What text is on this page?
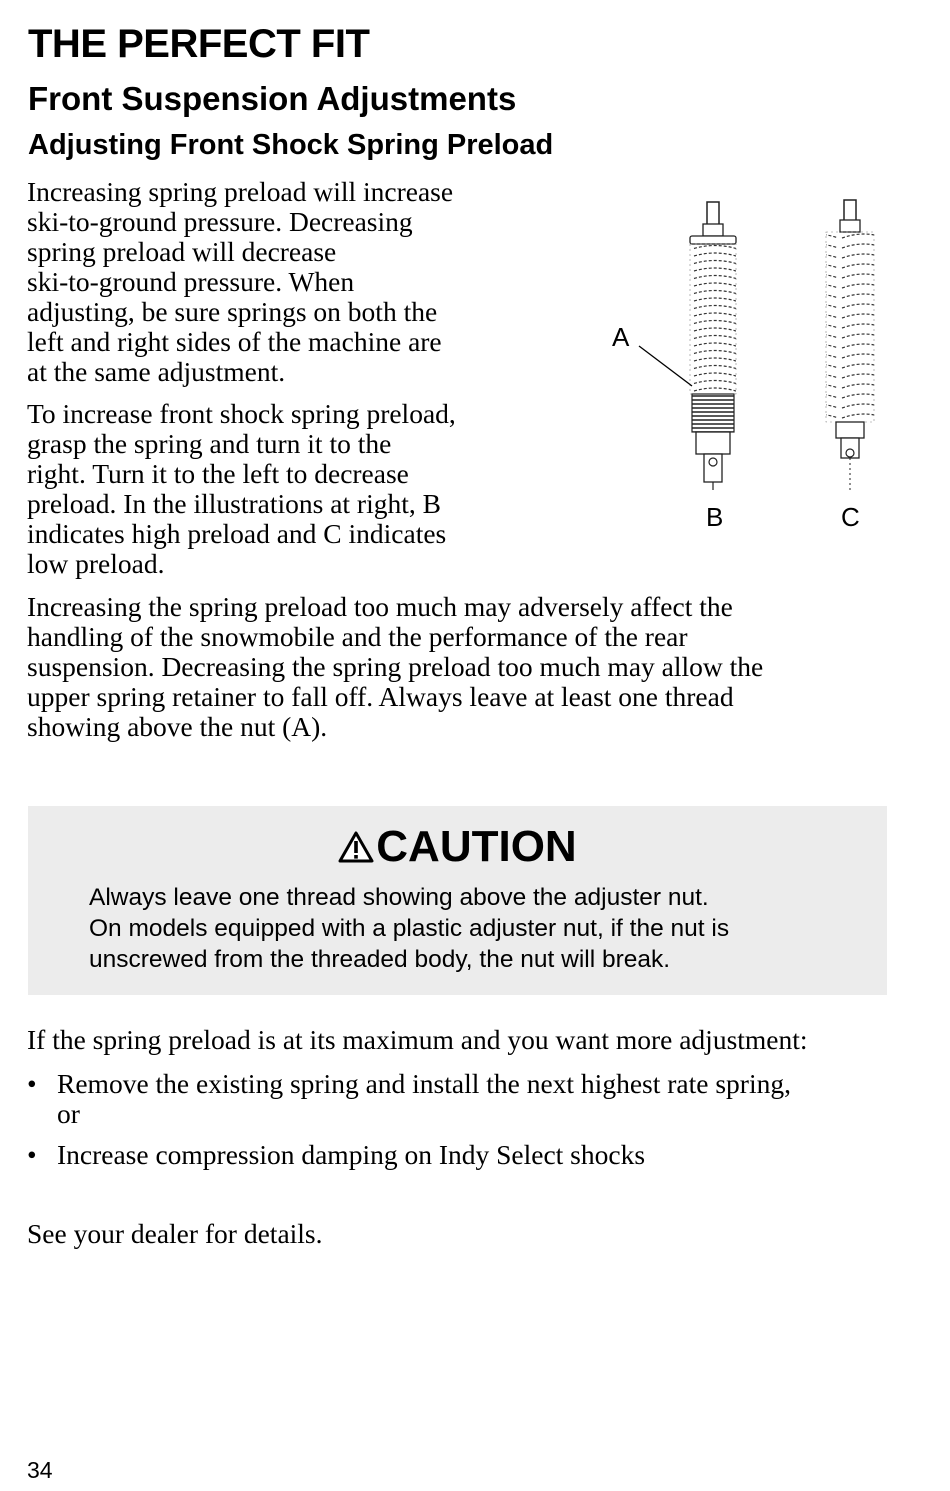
THE PERFECT FIT
Front Suspension Adjustments
Adjusting Front Shock Spring Preload
Increasing spring preload will increase
ski-to-ground pressure. Decreasing
spring preload will decrease
ski-to-ground pressure. When
adjusting, be sure springs on both the
left and right sides of the machine are
at the same adjustment.
To increase front shock spring preload,
grasp the spring and turn it to the
right. Turn it to the left to decrease
preload. In the illustrations at right, B
indicates high preload and C indicates
low preload.
A
B	C
Increasing the spring preload too much may adversely affect the
handling of the snowmobile and the performance of the rear
suspension. Decreasing the spring preload too much may allow the
upper spring retainer to fall off. Always leave at least one thread
showing above the nut (A).
CAUTION
Always leave one thread showing above the adjuster nut.
On models equipped with a plastic adjuster nut, if the nut is
unscrewed from the threaded body, the nut will break.
If the spring preload is at its maximum and you want more adjustment:
• Remove the existing spring and install the next highest rate spring,
or
• Increase compression damping on Indy Select shocks
See your dealer for details.
34
